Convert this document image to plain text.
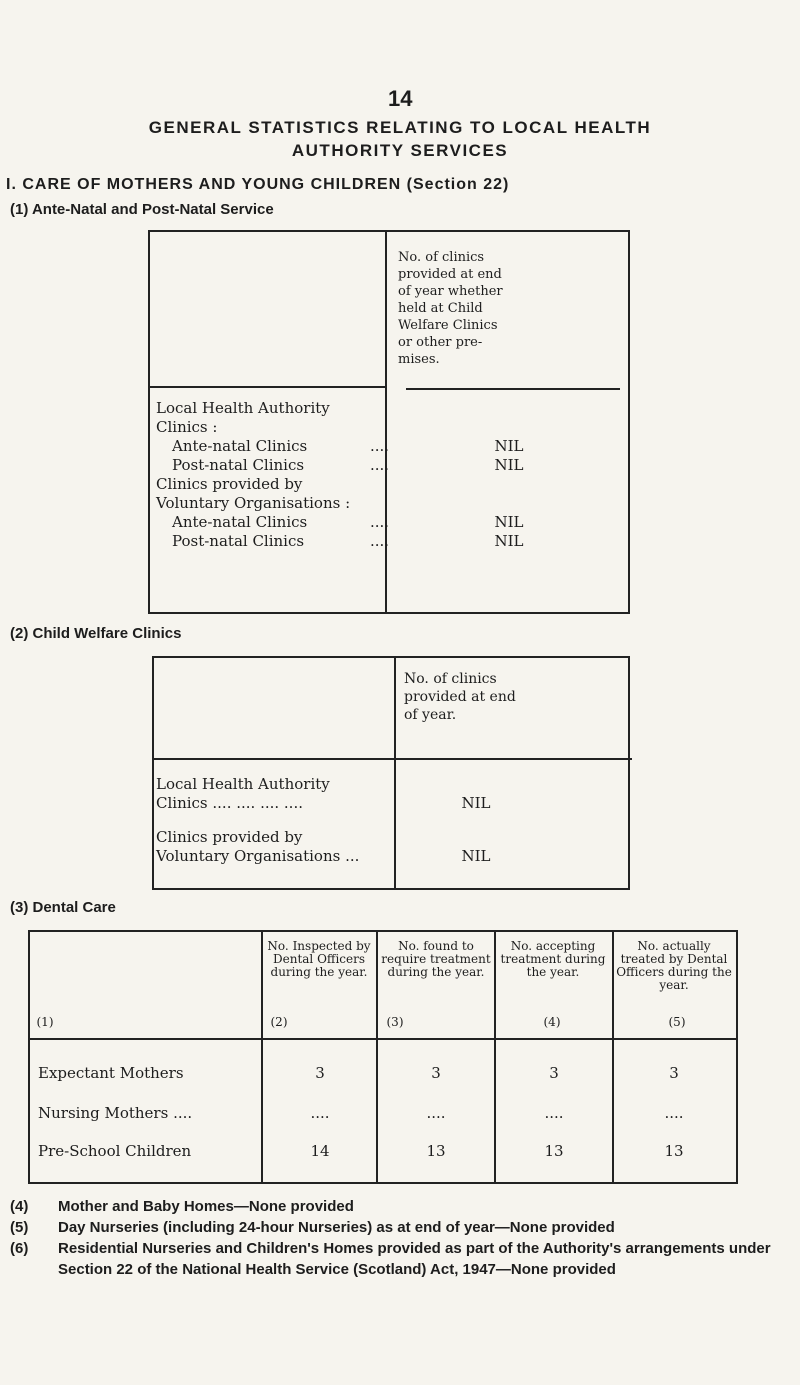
14
GENERAL STATISTICS RELATING TO LOCAL HEALTH
AUTHORITY SERVICES
I. CARE OF MOTHERS AND YOUNG CHILDREN (Section 22)
(1) Ante-Natal and Post-Natal Service
No. of clinics
provided at end
of year whether
held at Child
Welfare Clinics
or other pre-
mises.
Local Health Authority
Clinics :
Ante-natal Clinics	....	NIL
Post-natal Clinics	....	NIL
Clinics provided by
Voluntary Organisations :
Ante-natal Clinics	....	NIL
Post-natal Clinics	....	NIL
(2) Child Welfare Clinics
No. of clinics
provided at end
of year.
Local Health Authority
Clinics .... .... .... ....	NIL
Clinics provided by
Voluntary Organisations ...	NIL
(3) Dental Care
No. Inspected by Dental Officers during the year.
No. found to require treatment during the year.
No. accepting treatment during the year.
No. actually treated by Dental Officers during the year.
(1)	(2)	(3)	(4)	(5)
Expectant Mothers	3	3	3	3
Nursing Mothers ....	....	....	....	....
Pre-School Children	14	13	13	13
(4)	Mother and Baby Homes—None provided
(5)	Day Nurseries (including 24-hour Nurseries) as at end of year—None provided
(6)	Residential Nurseries and Children's Homes provided as part of the Authority's arrangements under Section 22 of the National Health Service (Scotland) Act, 1947—None provided
